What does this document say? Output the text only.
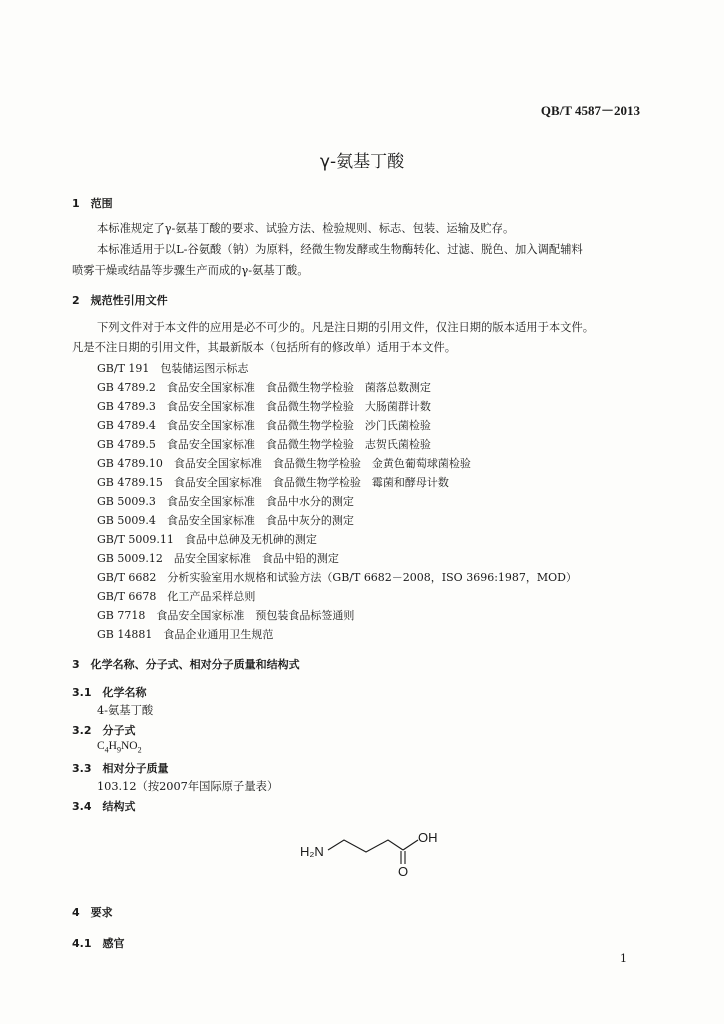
QB/T 4587－2013
γ-氨基丁酸
1　范围
本标准规定了γ-氨基丁酸的要求、试验方法、检验规则、标志、包装、运输及贮存。
本标准适用于以L-谷氨酸（钠）为原料，经微生物发酵或生物酶转化、过滤、脱色、加入调配辅料
喷雾干燥或结晶等步骤生产而成的γ-氨基丁酸。
2　规范性引用文件
下列文件对于本文件的应用是必不可少的。凡是注日期的引用文件，仅注日期的版本适用于本文件。
凡是不注日期的引用文件，其最新版本（包括所有的修改单）适用于本文件。
GB/T 191　包装储运图示标志
GB 4789.2　食品安全国家标准　食品微生物学检验　菌落总数测定
GB 4789.3　食品安全国家标准　食品微生物学检验　大肠菌群计数
GB 4789.4　食品安全国家标准　食品微生物学检验　沙门氏菌检验
GB 4789.5　食品安全国家标准　食品微生物学检验　志贺氏菌检验
GB 4789.10　食品安全国家标准　食品微生物学检验　金黄色葡萄球菌检验
GB 4789.15　食品安全国家标准　食品微生物学检验　霉菌和酵母计数
GB 5009.3　食品安全国家标准　食品中水分的测定
GB 5009.4　食品安全国家标准　食品中灰分的测定
GB/T 5009.11　食品中总砷及无机砷的测定
GB 5009.12　品安全国家标准　食品中铅的测定
GB/T 6682　分析实验室用水规格和试验方法（GB/T 6682－2008，ISO 3696:1987，MOD）
GB/T 6678　化工产品采样总则
GB 7718　食品安全国家标准　预包装食品标签通则
GB 14881　食品企业通用卫生规范
3　化学名称、分子式、相对分子质量和结构式
3.1　化学名称
4-氨基丁酸
3.2　分子式
$C_4H_9NO_2$
3.3　相对分子质量
103.12（按2007年国际原子量表）
3.4　结构式
H₂N
OH
O
4　要求
4.1　感官
1
